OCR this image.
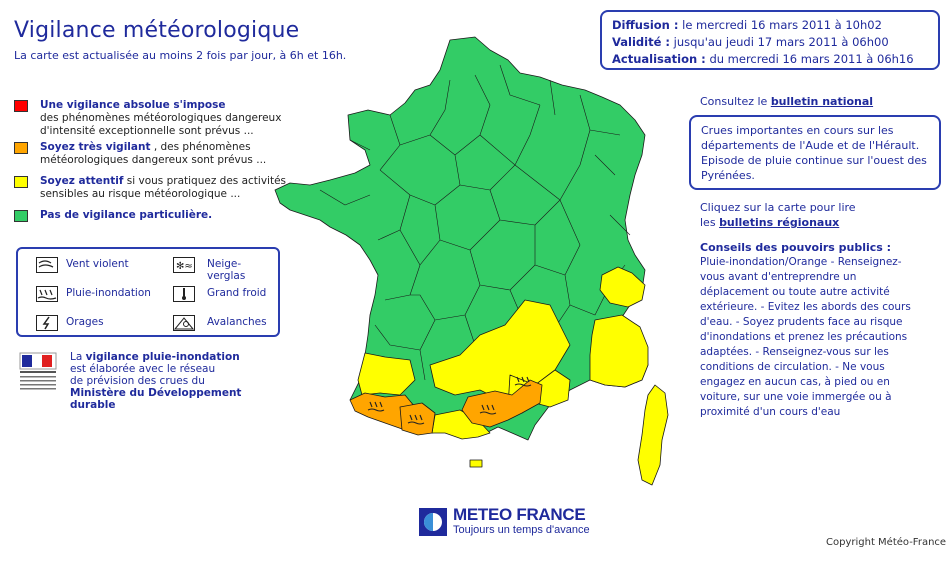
Vigilance météorologique
La carte est actualisée au moins 2 fois par jour, à 6h et 16h.
Diffusion : le mercredi 16 mars 2011 à 10h02
Validité : jusqu'au jeudi 17 mars 2011 à 06h00
Actualisation : du mercredi 16 mars 2011 à 06h16
Une vigilance absolue s'impose
des phénomènes météorologiques dangereux d'intensité exceptionnelle sont prévus ...
Soyez très vigilant , des phénomènes météorologiques dangereux sont prévus ...
Soyez attentif si vous pratiquez des activités sensibles au risque météorologique ...
Pas de vigilance particulière.
Vent violent	✻≈ Neige-verglas
Pluie-inondation	Grand froid
Orages	Avalanches
La vigilance pluie-inondation
est élaborée avec le réseau
de prévision des crues du
Ministère du Développement durable
Consultez le bulletin national
Crues importantes en cours sur les départements de l'Aude et de l'Hérault. Episode de pluie continue sur l'ouest des Pyrénées.
Cliquez sur la carte pour lire
les bulletins régionaux
Conseils des pouvoirs publics :
Pluie-inondation/Orange - Renseignez-vous avant d'entreprendre un déplacement ou toute autre activité extérieure. - Evitez les abords des cours d'eau. - Soyez prudents face au risque d'inondations et prenez les précautions adaptées. - Renseignez-vous sur les conditions de circulation. - Ne vous engagez en aucun cas, à pied ou en voiture, sur une voie immergée ou à proximité d'un cours d'eau
METEO FRANCE
Toujours un temps d'avance
Copyright Météo-France
